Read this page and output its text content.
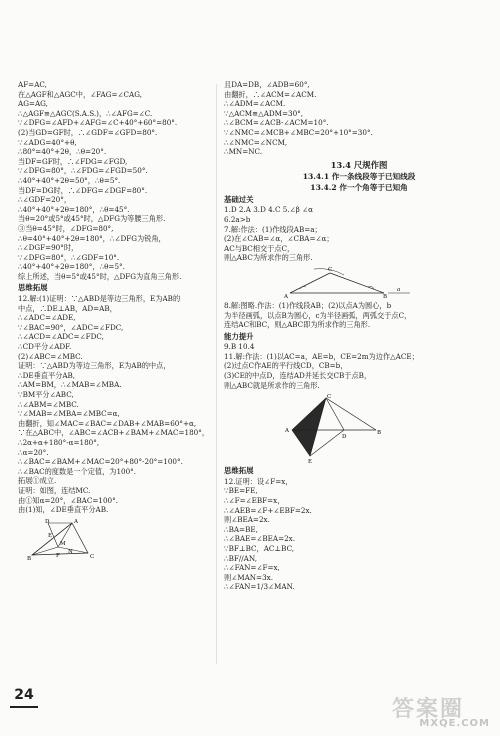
AF=AC,
在△AGF和△AGC中，∠FAG=∠CAG,
AG=AG,
∴△AGF≌△AGC(S.A.S.)，∴∠AFG=∠C.
∵∠DFG=∠AFD+∠AFG=∠C+40°+60°=80°.
(2)当GD=GF时，∴∠GDF=∠GFD=80°.
∵∠ADG=40°+θ,
∴80°=40°+2θ，∴θ=20°.
当DF=GF时，∴∠FDG=∠FGD,
∵∠DFG=80°，∴∠FDG=∠FGD=50°.
∴40°+40°+2θ=50°，∴θ=5°.
当DF=DG时，∴∠DFG=∠DGF=80°.
∴∠GDF=20°，
∴40°+40°+2θ=180°，∴θ=45°.
当θ=20°或5°或45°时，△DFG为等腰三角形.
③当θ=45°时，∠DFG=80°,
∴θ=40°+40°+2θ=180°，∴∠DFG为锐角，
∴∠DGF=90°时，
∵∠DFG=80°，∴∠GDF=10°.
∴40°+40°+2θ=180°，∴θ=5°.
综上所述，当θ=5°或45°时，△DFG为直角三角形.
思维拓展
12.解:(1)证明：∵△ABD是等边三角形，E为AB的
中点，∴DE⊥AB，AD=AB，
∴∠ADC=∠ADE,
∵∠BAC=90°，∠ADC=∠FDC,
∴∠ACD=∠ADC=∠FDC,
∴CD平分∠ADF.
(2)∠ABC=∠MBC.
证明：∵△ABD为等边三角形，E为AB的中点，
∴DE垂直平分AB,
∴AM=BM，∴∠MAB=∠MBA.
∵BM平分∠ABC,
∴∠ABM=∠MBC.
∵∠MAB=∠MBA=∠MBC=α,
由翻折，知∠MAC=∠BAC=∠DAB+∠MAB=60°+α,
∵在△ABC中，∠ABC=∠ACB+∠BAM+∠MAC=180°，
∴2α+α+180°-α=180°,
∴α=20°.
∴∠BAC=∠BAM+∠MAC=20°+80°-20°=100°.
∴∠BAC的度数是一个定值，为100°.
拓展①成立.
证明：如图，连结MC.
由①知α=20°，∠BAC=100°.
由(1)知，∠DE垂直平分AB.
D	A
E
M
B	C
F
N
且DA=DB，∠ADB=60°,
由翻折，∴∠ACM=∠ACM.
∴∠ADM=∠ACM.
∵△ACM≌△ADM=30°,
∴∠BCM=∠ACB-∠ACM=10°.
∵∠NMC=∠MCB+∠MBC=20°+10°=30°.
∴∠NMC=∠NCM,
∴MN=NC.
13.4 尺规作图
13.4.1 作一条线段等于已知线段
13.4.2 作一个角等于已知角
基础过关
1.D 2.A 3.D 4.C 5.∠β ∠α
6.2a>b
7.解:作法：(1)作线段AB=a；
(2)在∠CAB=∠α，∠CBA=∠α；
AC与BC相交于点C，
则△ABC为所求作的三角形.
C
A	B
a
8.解:图略.作法：(1)作线段AB；(2)以点A为圆心，b
为半径画弧，以点B为圆心，c为半径画弧，两弧交于点C，
连结AC和BC，则△ABC即为所求作的三角形.
能力提升
9.B 10.4
11.解:作法：(1)以AC=a，AE=b，CE=2m为边作△ACE；
(2)过点C作AE的平行线CD，CB=b，
(3)CE的中点D，连结AD并延长交CB于点B，
则△ABC就是所求作的三角形.
A	B
C
D
E
思维拓展
12.证明：设∠F=x，
∵BE=FE,
∴∠F=∠EBF=x，
∴∠AEB=∠F+∠EBF=2x.
则∠BEA=2x.
∴BA=BE,
∴∠BAE=∠BEA=2x.
∵BF⊥BC，AC⊥BC,
∴BF//AN,
∴∠FAN=∠F=x,
则∠MAN=3x.
∴∠FAN=1/3∠MAN.
24
答案圈
MXQE.COM
